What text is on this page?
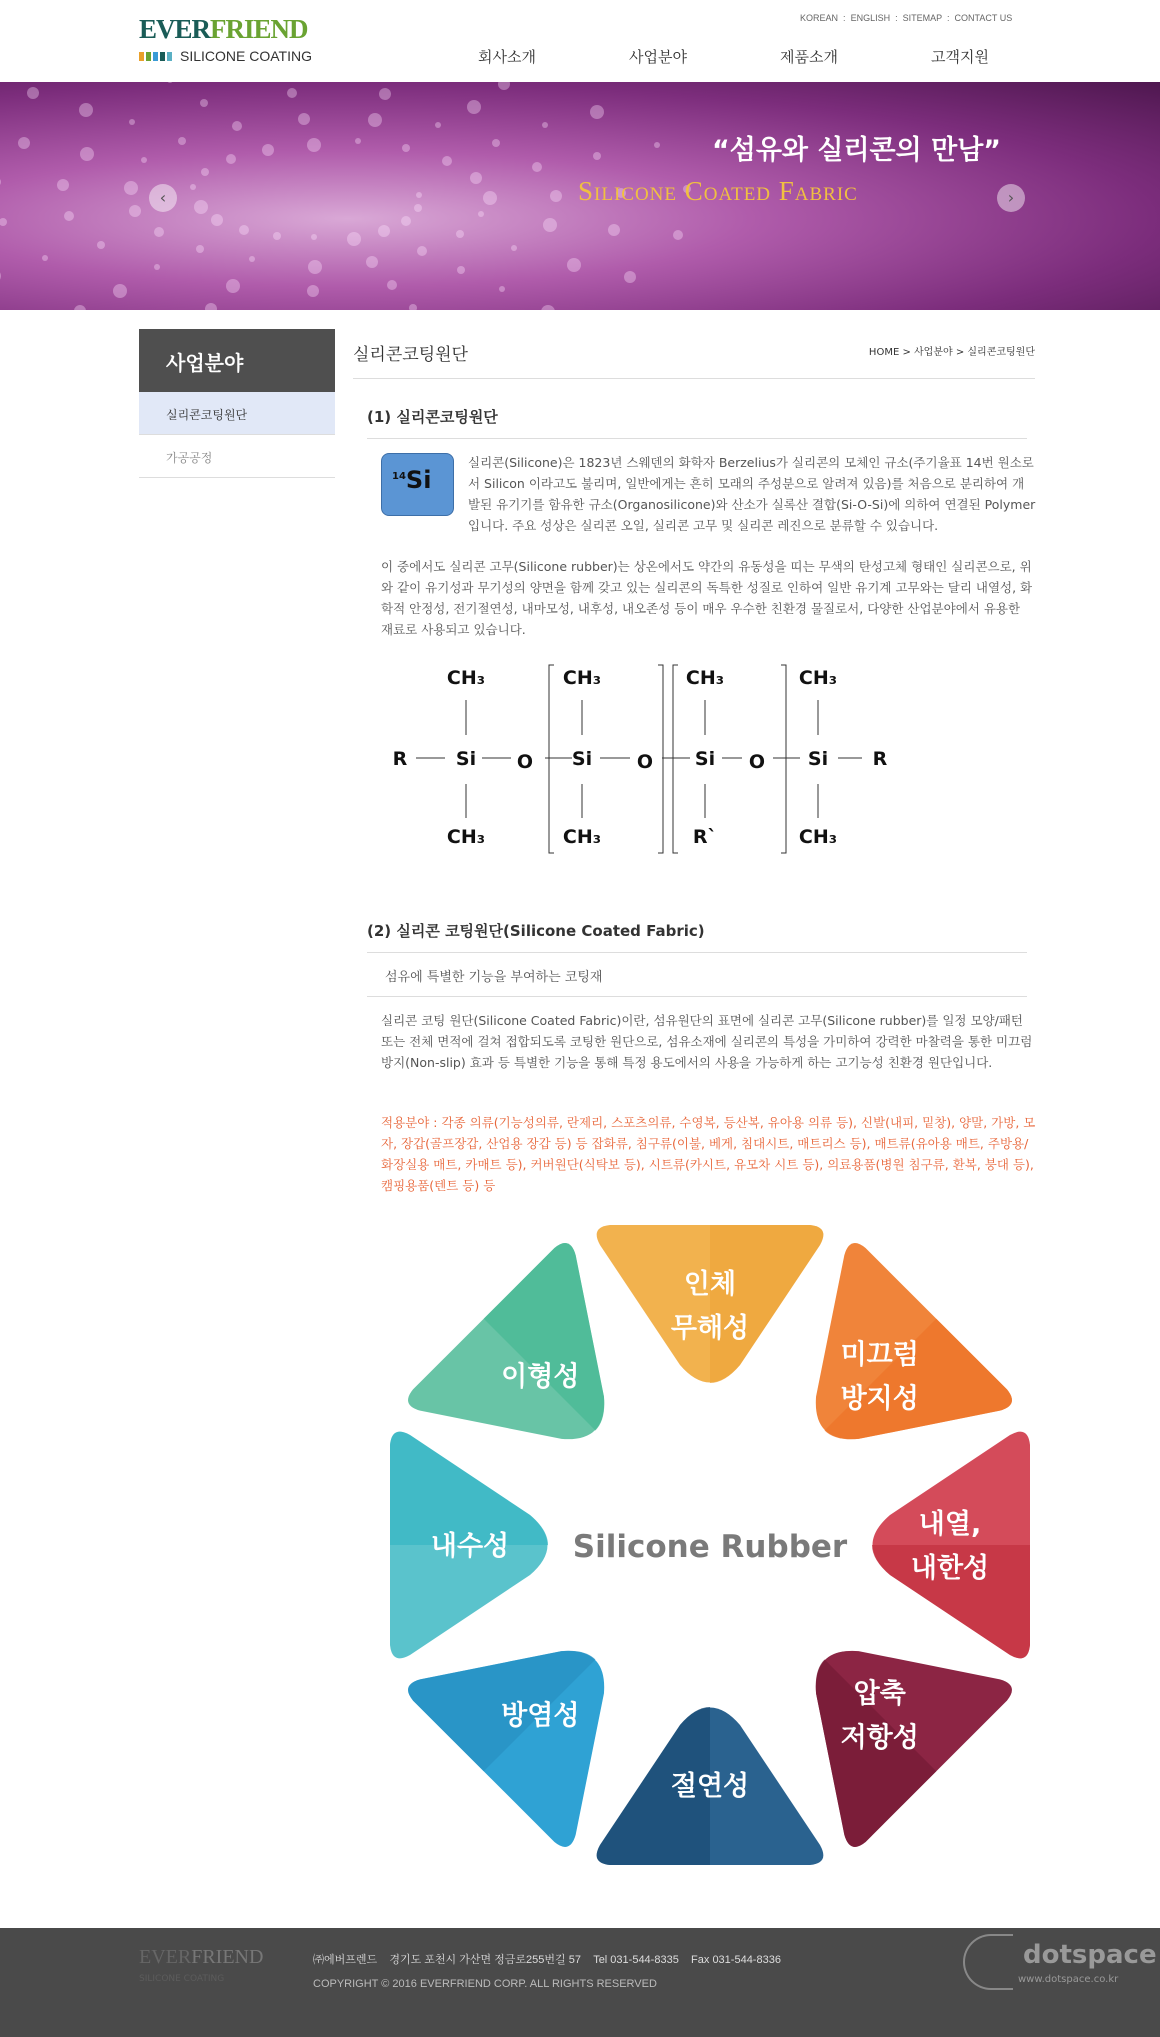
EVERFRIEND
SILICONE COATING
KOREAN : ENGLISH : SITEMAP : CONTACT US
회사소개	사업분야	제품소개	고객지원
“섬유와 실리콘의 만남”
Silicone Coated Fabric
‹	›
사업분야
실리콘코팅원단
가공공정
실리콘코팅원단	HOME > 사업분야 > 실리콘코팅원단
(1) 실리콘코팅원단
$^{14}$Si
실리콘(Silicone)은 1823년 스웨덴의 화학자 Berzelius가 실리콘의 모체인 규소(주기율표 14번 원소로서 Silicon 이라고도 불리며, 일반에게는 흔히 모래의 주성분으로 알려져 있음)를 처음으로 분리하여 개발된 유기기를 함유한 규소(Organosilicone)와 산소가 실록산 결합(Si-O-Si)에 의하여 연결된 Polymer입니다. 주요 성상은 실리콘 오일, 실리콘 고무 및 실리콘 레진으로 분류할 수 있습니다.
이 중에서도 실리콘 고무(Silicone rubber)는 상온에서도 약간의 유동성을 띠는 무색의 탄성고체 형태인 실리콘으로, 위와 같이 유기성과 무기성의 양면을 함께 갖고 있는 실리콘의 독특한 성질로 인하여 일반 유기계 고무와는 달리 내열성, 화학적 안정성, 전기절연성, 내마모성, 내후성, 내오존성 등이 매우 우수한 친환경 물질로서, 다양한 산업분야에서 유용한 재료로 사용되고 있습니다.
R	R
Si
CH₃
CH₃
Si
CH₃
CH₃
Si
CH₃
R`
Si
CH₃
CH₃
O	O	O
(2) 실리콘 코팅원단(Silicone Coated Fabric)
섬유에 특별한 기능을 부여하는 코팅재
실리콘 코팅 원단(Silicone Coated Fabric)이란, 섬유원단의 표면에 실리콘 고무(Silicone rubber)를 일정 모양/패턴 또는 전체 면적에 걸쳐 접합되도록 코팅한 원단으로, 섬유소재에 실리콘의 특성을 가미하여 강력한 마찰력을 통한 미끄럼 방지(Non-slip) 효과 등 특별한 기능을 통해 특정 용도에서의 사용을 가능하게 하는 고기능성 친환경 원단입니다.
적용분야 : 각종 의류(기능성의류, 란제리, 스포츠의류, 수영복, 등산복, 유아용 의류 등), 신발(내피, 밑창), 양말, 가방, 모자, 장갑(골프장갑, 산업용 장갑 등) 등 잡화류, 침구류(이불, 베게, 침대시트, 매트리스 등), 매트류(유아용 매트, 주방용/화장실용 매트, 카매트 등), 커버원단(식탁보 등), 시트류(카시트, 유모차 시트 등), 의료용품(병원 침구류, 환복, 붕대 등), 캠핑용품(텐트 등) 등
인체
무해성
미끄럼
방지성
내열,
내한성
압축
저항성
절연성
방염성
내수성
이형성
Silicone Rubber
EVERFRIEND
SILICONE COATING
㈜에버프렌드 경기도 포천시 가산면 정금로255번길 57 Tel 031-544-8335 Fax 031-544-8336
COPYRIGHT © 2016 EVERFRIEND CORP. ALL RIGHTS RESERVED
dotspace
www.dotspace.co.kr
